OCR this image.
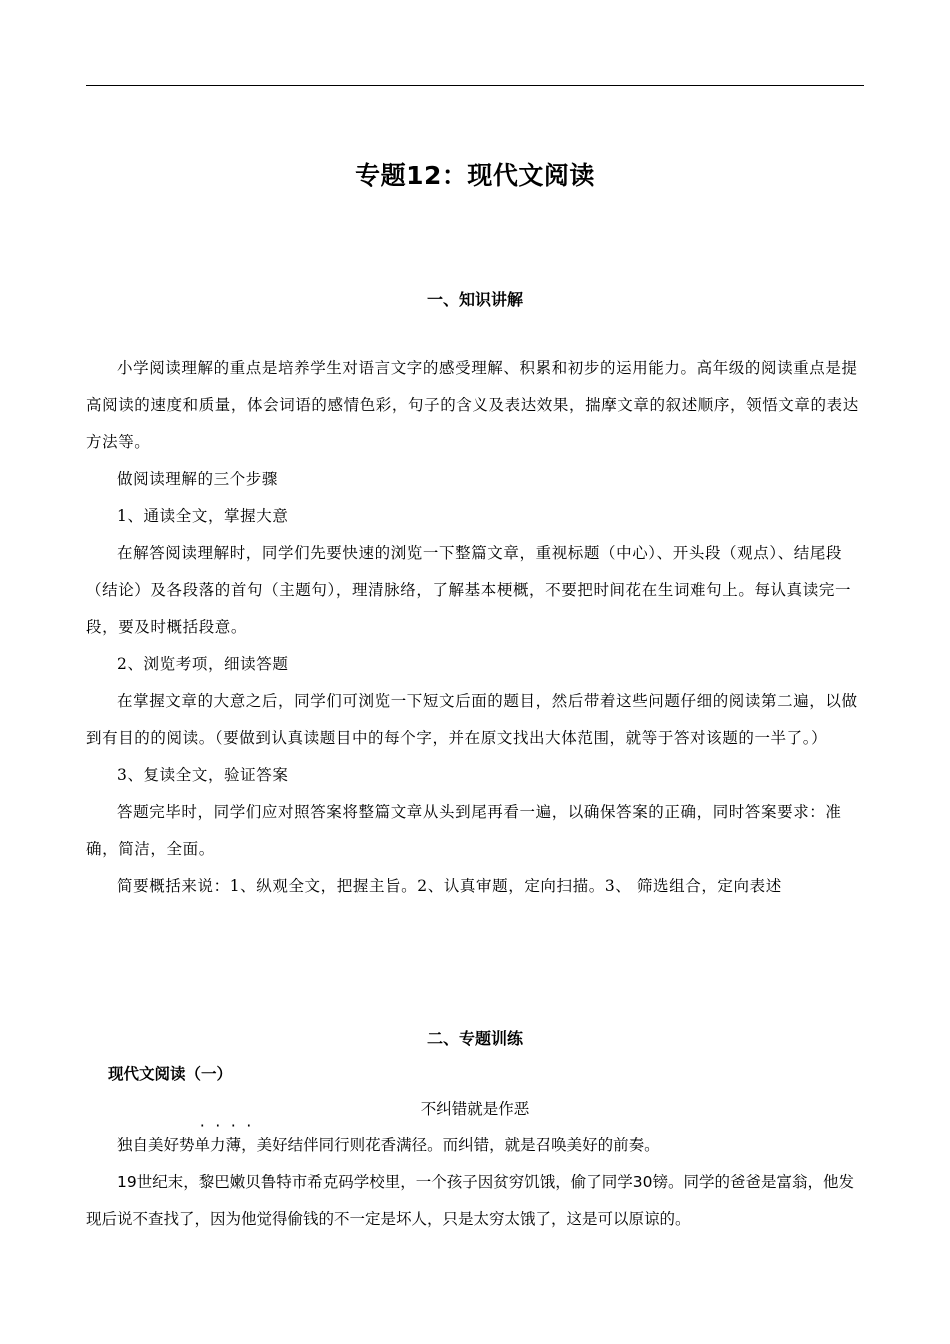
专题12：现代文阅读
一、知识讲解

小学阅读理解的重点是培养学生对语言文字的感受理解、积累和初步的运用能力。高年级的阅读重点是提高阅读的速度和质量，体会词语的感情色彩，句子的含义及表达效果，揣摩文章的叙述顺序，领悟文章的表达方法等。

做阅读理解的三个步骤

1、通读全文，掌握大意

在解答阅读理解时，同学们先要快速的浏览一下整篇文章，重视标题（中心）、开头段（观点）、结尾段（结论）及各段落的首句（主题句），理清脉络，了解基本梗概，不要把时间花在生词难句上。每认真读完一段，要及时概括段意。

2、浏览考项，细读答题

在掌握文章的大意之后，同学们可浏览一下短文后面的题目，然后带着这些问题仔细的阅读第二遍，以做到有目的的阅读。（要做到认真读题目中的每个字，并在原文找出大体范围，就等于答对该题的一半了。）

3、复读全文，验证答案

答题完毕时，同学们应对照答案将整篇文章从头到尾再看一遍，以确保答案的正确，同时答案要求：准确，简洁，全面。

简要概括来说：1、纵观全文，把握主旨。2、认真审题，定向扫描。3、 筛选组合，定向表述

二、专题训练
现代文阅读（一）
不纠错就是作恶

独自美好势单力薄，美好结伴同行则花香满径。而纠错，就是召唤美好的前奏。

19世纪末，黎巴嫩贝鲁特市希克码学校里，一个孩子因贫穷饥饿，偷了同学30镑。同学的爸爸是富翁，他发现后说不查找了，因为他觉得偷钱的不一定是坏人，只是太穷太饿了，这是可以原谅的。
